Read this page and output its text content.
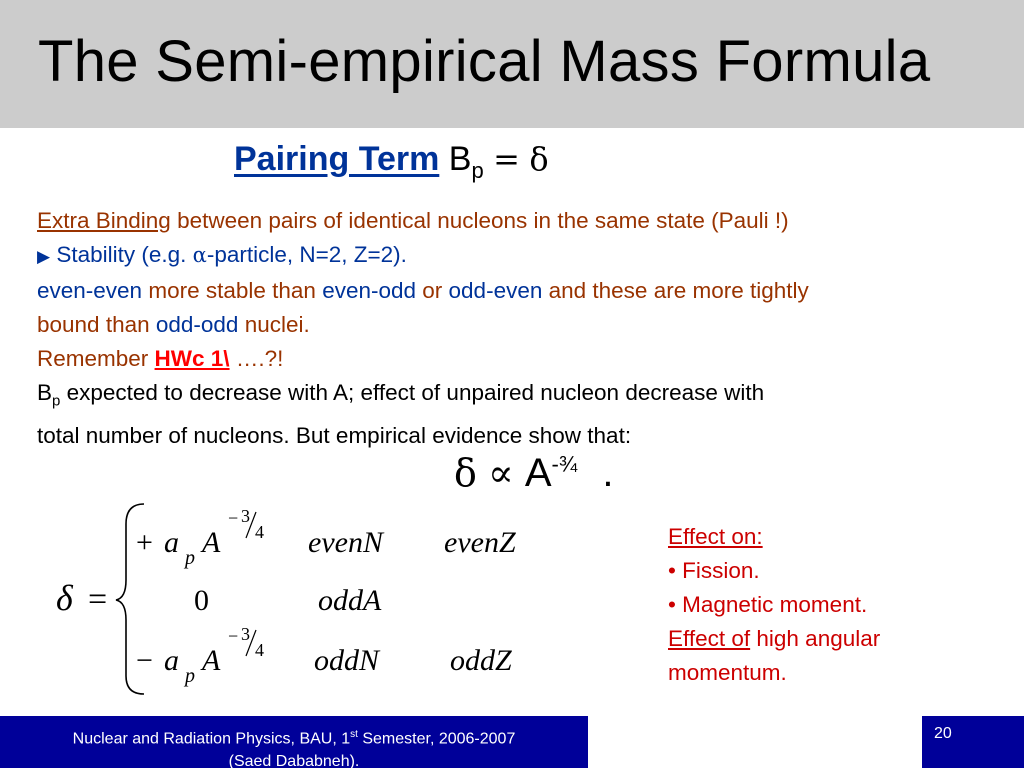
The Semi-empirical Mass Formula
Pairing Term $B_p = \delta$
Extra Binding between pairs of identical nucleons in the same state (Pauli !)
▶ Stability (e.g. α-particle, N=2, Z=2).
even-even more stable than even-odd or odd-even and these are more tightly
bound than odd-odd nuclei.
Remember HWc 1\ ….?!
$B_p$ expected to decrease with A; effect of unpaired nucleon decrease with
total number of nucleons. But empirical evidence show that:
$\delta \propto A^{-\frac{3}{4}}$ .
δ =
+ a p A
− 3
4 evenN evenZ
0	oddA
− a p A
− 3
4 oddN oddZ
Effect on:
• Fission.
• Magnetic moment.
Effect of high angular
momentum.
Nuclear and Radiation Physics, BAU, 1st Semester, 2006-2007
(Saed Dababneh).
20
